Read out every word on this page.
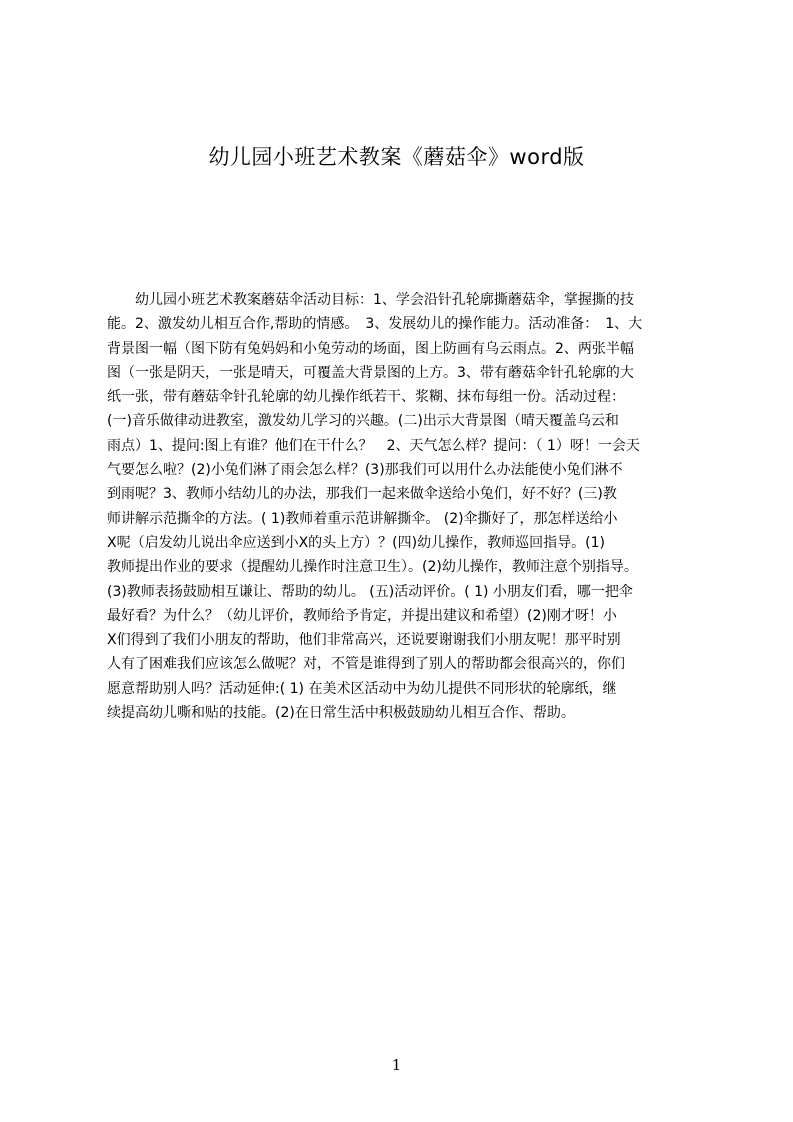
幼儿园小班艺术教案《蘑菇伞》word版
　　幼儿园小班艺术教案蘑菇伞活动目标：1、学会沿针孔轮廓撕蘑菇伞，掌握撕的技
能。2、激发幼儿相互合作,帮助的情感。　3、发展幼儿的操作能力。活动准备：　1、大
背景图一幅（图下防有兔妈妈和小兔劳动的场面，图上防画有乌云雨点。2、两张半幅
图（一张是阴天，一张是晴天，可覆盖大背景图的上方。3、带有蘑菇伞针孔轮廓的大
纸一张，带有蘑菇伞针孔轮廓的幼儿操作纸若干、浆糊、抹布每组一份。活动过程：
(一)音乐做律动进教室，激发幼儿学习的兴趣。(二)出示大背景图（晴天覆盖乌云和
雨点）1、提问:图上有谁？他们在干什么？　2、天气怎么样？提问：（ 1）呀！一会天
气要怎么啦？(2)小兔们淋了雨会怎么样？(3)那我们可以用什么办法能使小兔们淋不
到雨呢？3、教师小结幼儿的办法，那我们一起来做伞送给小兔们，好不好？(三)教
师讲解示范撕伞的方法。( 1)教师着重示范讲解撕伞。 (2)伞撕好了，那怎样送给小
X呢（启发幼儿说出伞应送到小X的头上方）？(四)幼儿操作，教师巡回指导。(1)
教师提出作业的要求（提醒幼儿操作时注意卫生）。(2)幼儿操作，教师注意个别指导。
(3)教师表扬鼓励相互谦让、帮助的幼儿。 (五)活动评价。( 1) 小朋友们看，哪一把伞
最好看？为什么？（幼儿评价，教师给予肯定，并提出建议和希望）(2)刚才呀！小
X们得到了我们小朋友的帮助，他们非常高兴，还说要谢谢我们小朋友呢！那平时别
人有了困难我们应该怎么做呢？对，不管是谁得到了别人的帮助都会很高兴的，你们
愿意帮助别人吗？活动延伸:( 1) 在美术区活动中为幼儿提供不同形状的轮廓纸，继
续提高幼儿嘶和贴的技能。(2)在日常生活中积极鼓励幼儿相互合作、帮助。
1
